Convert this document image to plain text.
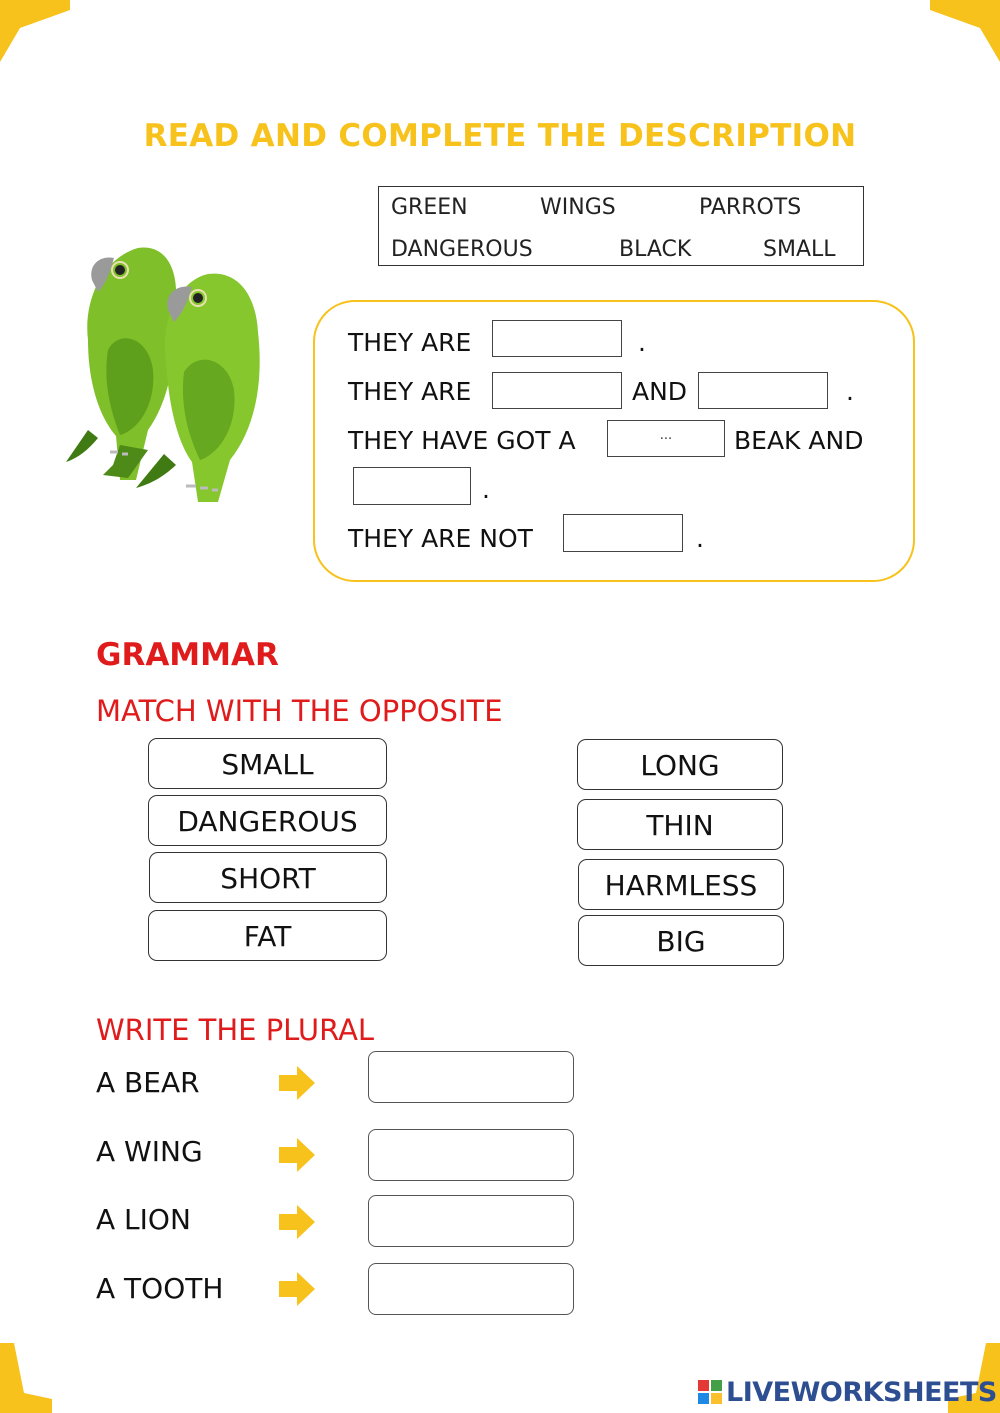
READ AND COMPLETE THE DESCRIPTION
GREEN	WINGS	PARROTS
DANGEROUS	BLACK	SMALL
THEY ARE	.
THEY ARE	AND	.
THEY HAVE GOT A	...	BEAK AND
.
THEY ARE NOT	.
GRAMMAR
MATCH WITH THE OPPOSITE
SMALL
DANGEROUS
SHORT
FAT
LONG
THIN
HARMLESS
BIG
WRITE THE PLURAL
A BEAR
A WING
A LION
A TOOTH
LIVEWORKSHEETS
